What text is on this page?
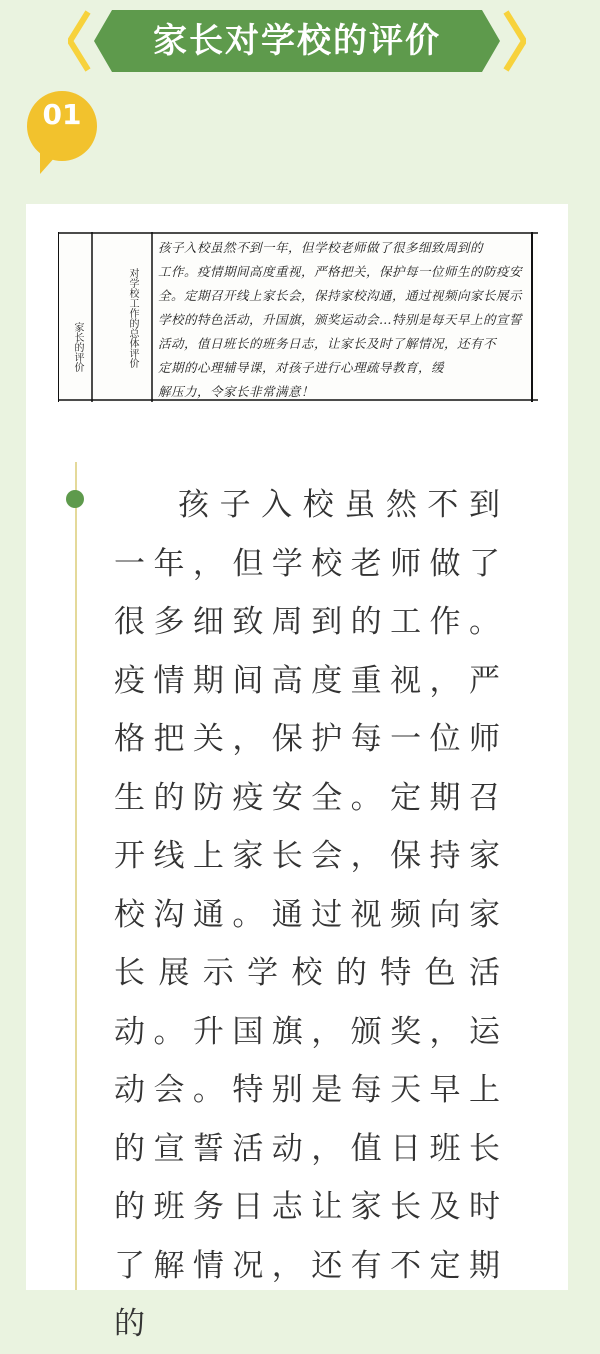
家长对学校的评价
01
家长的评价	对学校工作的总体评价
孩子入校虽然不到一年，但学校老师做了很多细致周到的
工作。疫情期间高度重视，严格把关，保护每一位师生的防疫安
全。定期召开线上家长会，保持家校沟通，通过视频向家长展示
学校的特色活动，升国旗，颁奖运动会…特别是每天早上的宣誓
活动，值日班长的班务日志，让家长及时了解情况，还有不
定期的心理辅导课，对孩子进行心理疏导教育，缓
解压力，令家长非常满意！
孩子入校虽然不到一年，但学校老师做了很多细致周到的工作。疫情期间高度重视，严格把关，保护每一位师生的防疫安全。定期召开线上家长会，保持家校沟通。通过视频向家长展示学校的特色活动。升国旗，颁奖，运动会。特别是每天早上的宣誓活动，值日班长的班务日志让家长及时了解情况，还有不定期的
